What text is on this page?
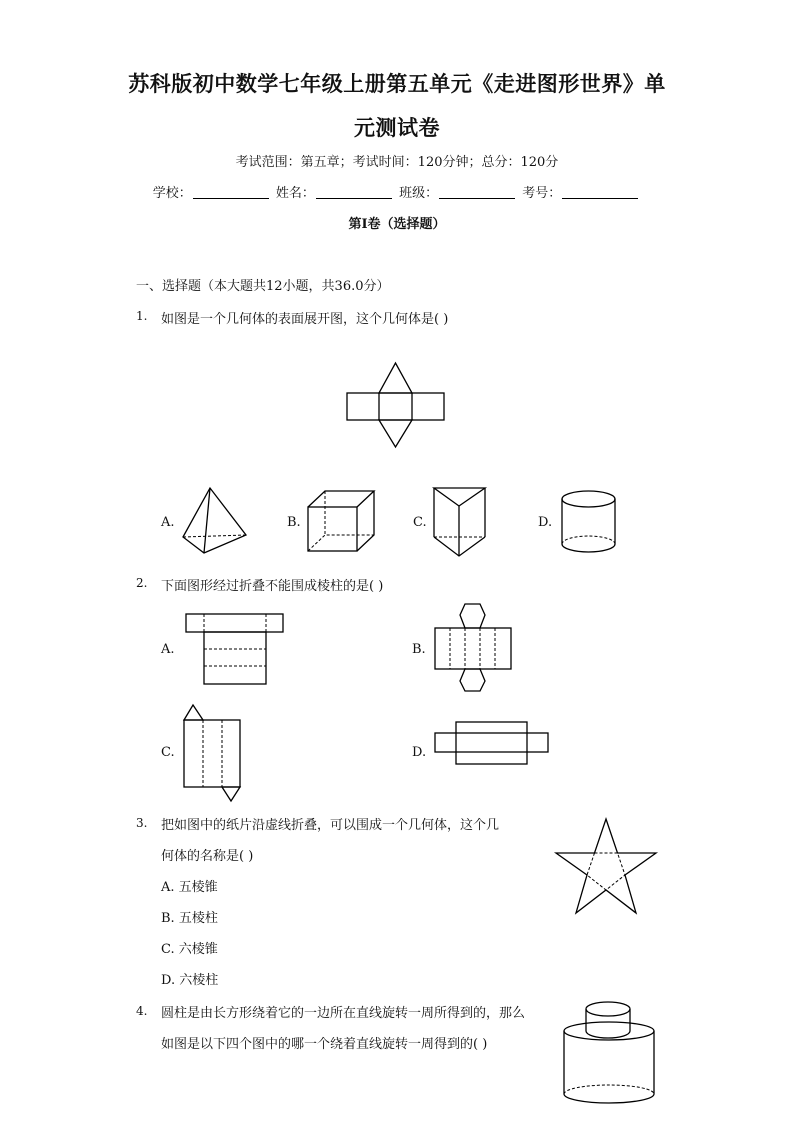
苏科版初中数学七年级上册第五单元《走进图形世界》单
元测试卷
考试范围：第五章；考试时间：120分钟；总分：120分
学校：	姓名：	班级：	考号：
第I卷（选择题）
一、选择题（本大题共12小题，共36.0分）
1. 如图是一个几何体的表面展开图，这个几何体是( )
A.	B.	C.	D.
2. 下面图形经过折叠不能围成棱柱的是( )
A.	B.
C.	D.
3. 把如图中的纸片沿虚线折叠，可以围成一个几何体，这个几
何体的名称是( )
A. 五棱锥
B. 五棱柱
C. 六棱锥
D. 六棱柱
4. 圆柱是由长方形绕着它的一边所在直线旋转一周所得到的，那么
如图是以下四个图中的哪一个绕着直线旋转一周得到的( )
